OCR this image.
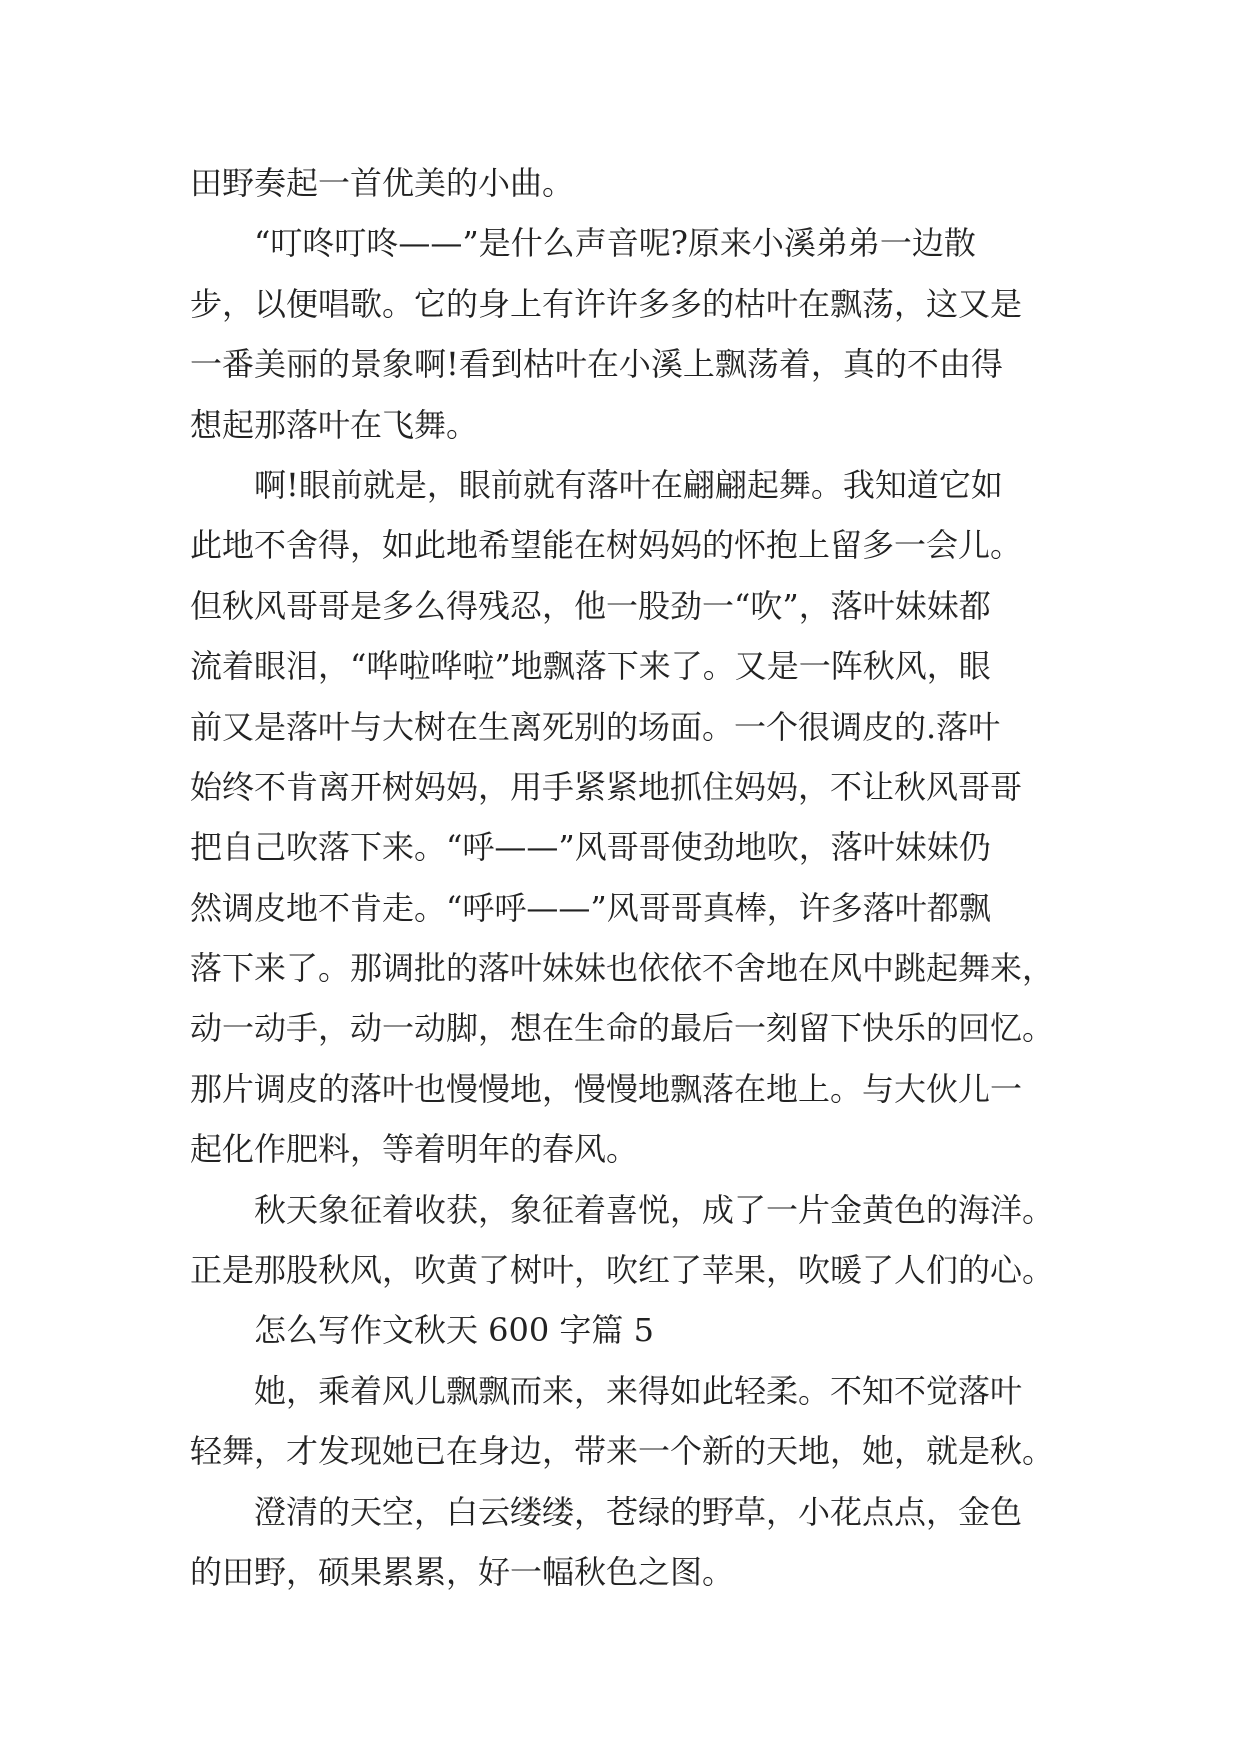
田野奏起一首优美的小曲。
“叮咚叮咚——”是什么声音呢?原来小溪弟弟一边散
步，以便唱歌。它的身上有许许多多的枯叶在飘荡，这又是
一番美丽的景象啊!看到枯叶在小溪上飘荡着，真的不由得
想起那落叶在飞舞。
啊!眼前就是，眼前就有落叶在翩翩起舞。我知道它如
此地不舍得，如此地希望能在树妈妈的怀抱上留多一会儿。
但秋风哥哥是多么得残忍，他一股劲一“吹”，落叶妹妹都
流着眼泪，“哗啦哗啦”地飘落下来了。又是一阵秋风，眼
前又是落叶与大树在生离死别的场面。一个很调皮的.落叶
始终不肯离开树妈妈，用手紧紧地抓住妈妈，不让秋风哥哥
把自己吹落下来。“呼——”风哥哥使劲地吹，落叶妹妹仍
然调皮地不肯走。“呼呼——”风哥哥真棒，许多落叶都飘
落下来了。那调批的落叶妹妹也依依不舍地在风中跳起舞来，
动一动手，动一动脚，想在生命的最后一刻留下快乐的回忆。
那片调皮的落叶也慢慢地，慢慢地飘落在地上。与大伙儿一
起化作肥料，等着明年的春风。
秋天象征着收获，象征着喜悦，成了一片金黄色的海洋。
正是那股秋风，吹黄了树叶，吹红了苹果，吹暖了人们的心。
怎么写作文秋天 600 字篇 5
她，乘着风儿飘飘而来，来得如此轻柔。不知不觉落叶
轻舞，才发现她已在身边，带来一个新的天地，她，就是秋。
澄清的天空，白云缕缕，苍绿的野草，小花点点，金色
的田野，硕果累累，好一幅秋色之图。
